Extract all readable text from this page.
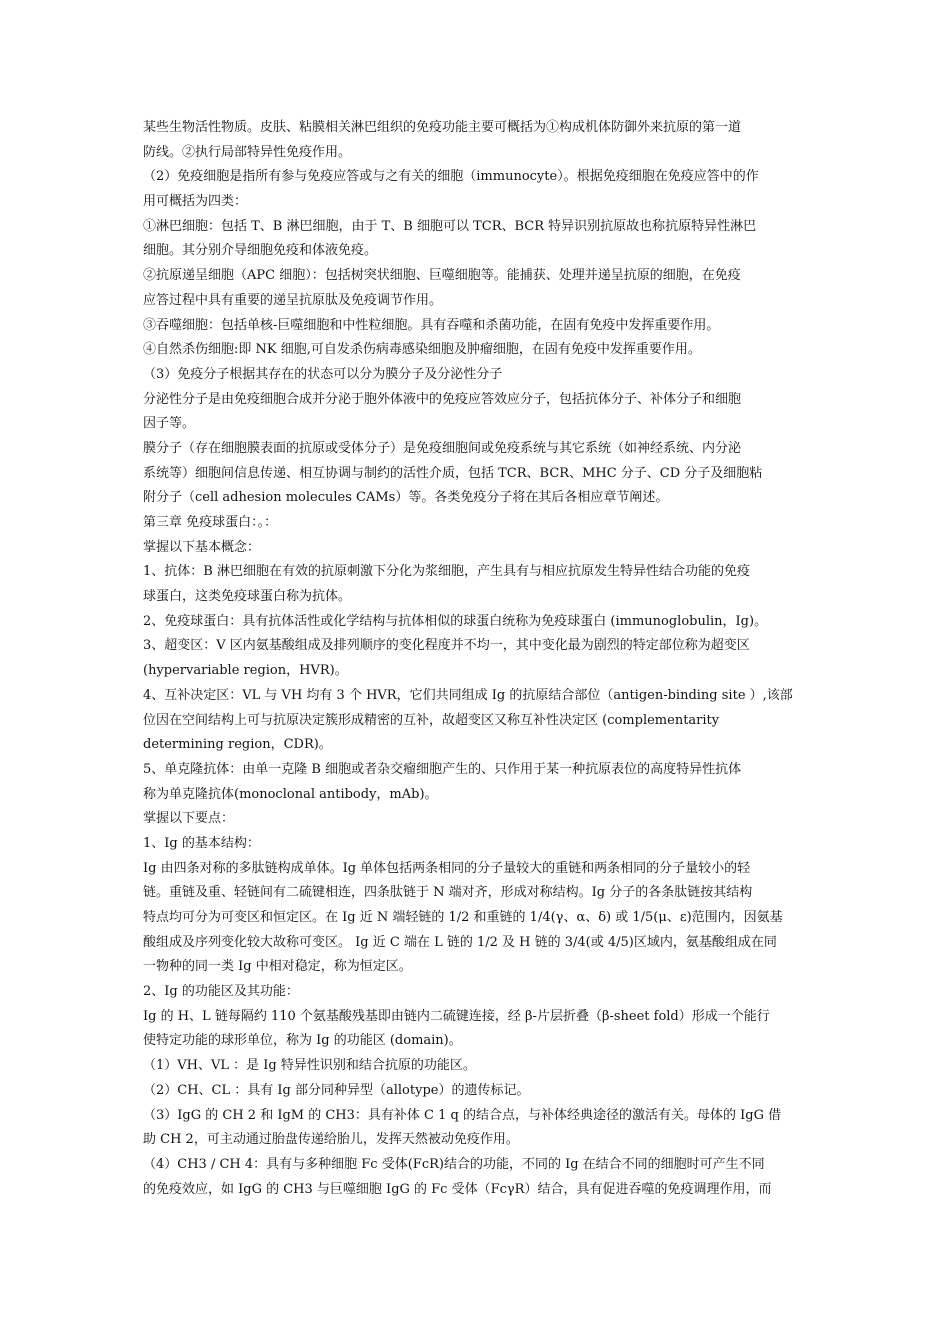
某些生物活性物质。皮肤、粘膜相关淋巴组织的免疫功能主要可概括为①构成机体防御外来抗原的第一道
防线。②执行局部特异性免疫作用。
（2）免疫细胞是指所有参与免疫应答或与之有关的细胞（immunocyte）。根据免疫细胞在免疫应答中的作
用可概括为四类：
①淋巴细胞：包括 T、B 淋巴细胞，由于 T、B 细胞可以 TCR、BCR 特异识别抗原故也称抗原特异性淋巴
细胞。其分别介导细胞免疫和体液免疫。
②抗原递呈细胞（APC 细胞）：包括树突状细胞、巨噬细胞等。能捕获、处理并递呈抗原的细胞，在免疫
应答过程中具有重要的递呈抗原肽及免疫调节作用。
③吞噬细胞：包括单核-巨噬细胞和中性粒细胞。具有吞噬和杀菌功能，在固有免疫中发挥重要作用。
④自然杀伤细胞:即 NK 细胞,可自发杀伤病毒感染细胞及肿瘤细胞，在固有免疫中发挥重要作用。
（3）免疫分子根据其存在的状态可以分为膜分子及分泌性分子
分泌性分子是由免疫细胞合成并分泌于胞外体液中的免疫应答效应分子，包括抗体分子、补体分子和细胞
因子等。
膜分子（存在细胞膜表面的抗原或受体分子）是免疫细胞间或免疫系统与其它系统（如神经系统、内分泌
系统等）细胞间信息传递、相互协调与制约的活性介质，包括 TCR、BCR、MHC 分子、CD 分子及细胞粘
附分子（cell adhesion molecules CAMs）等。各类免疫分子将在其后各相应章节阐述。
第三章 免疫球蛋白：。：
掌握以下基本概念：
1、抗体：B 淋巴细胞在有效的抗原刺激下分化为浆细胞，产生具有与相应抗原发生特异性结合功能的免疫
球蛋白，这类免疫球蛋白称为抗体。
2、免疫球蛋白：具有抗体活性或化学结构与抗体相似的球蛋白统称为免疫球蛋白 (immunoglobulin，Ig)。
3、超变区：V 区内氨基酸组成及排列顺序的变化程度并不均一，其中变化最为剧烈的特定部位称为超变区
(hypervariable region，HVR)。
4、互补决定区：VL 与 VH 均有 3 个 HVR，它们共同组成 Ig 的抗原结合部位（antigen-binding site ）,该部
位因在空间结构上可与抗原决定簇形成精密的互补，故超变区又称互补性决定区 (complementarity
determining region，CDR)。
5、单克隆抗体：由单一克隆 B 细胞或者杂交瘤细胞产生的、只作用于某一种抗原表位的高度特异性抗体
称为单克隆抗体(monoclonal antibody，mAb)。
掌握以下要点：
1、Ig 的基本结构：
Ig 由四条对称的多肽链构成单体。Ig 单体包括两条相同的分子量较大的重链和两条相同的分子量较小的轻
链。重链及重、轻链间有二硫键相连，四条肽链于 N 端对齐，形成对称结构。Ig 分子的各条肽链按其结构
特点均可分为可变区和恒定区。在 Ig 近 N 端轻链的 1/2 和重链的 1/4(γ、α、δ) 或 1/5(μ、ε)范围内，因氨基
酸组成及序列变化较大故称可变区。 Ig 近 C 端在 L 链的 1/2 及 H 链的 3/4(或 4/5)区域内，氨基酸组成在同
一物种的同一类 Ig 中相对稳定，称为恒定区。
2、Ig 的功能区及其功能：
Ig 的 H、L 链每隔约 110 个氨基酸残基即由链内二硫键连接，经 β-片层折叠（β-sheet fold）形成一个能行
使特定功能的球形单位，称为 Ig 的功能区 (domain)。
（1）VH、VL ：是 Ig 特异性识别和结合抗原的功能区。
（2）CH、CL ：具有 Ig 部分同种异型（allotype）的遗传标记。
（3）IgG 的 CH 2 和 IgM 的 CH3：具有补体 C 1 q 的结合点，与补体经典途径的激活有关。母体的 IgG 借
助 CH 2，可主动通过胎盘传递给胎儿，发挥天然被动免疫作用。
（4）CH3 / CH 4：具有与多种细胞 Fc 受体(FcR)结合的功能，不同的 Ig 在结合不同的细胞时可产生不同
的免疫效应，如 IgG 的 CH3 与巨噬细胞 IgG 的 Fc 受体（FcγR）结合，具有促进吞噬的免疫调理作用，而
